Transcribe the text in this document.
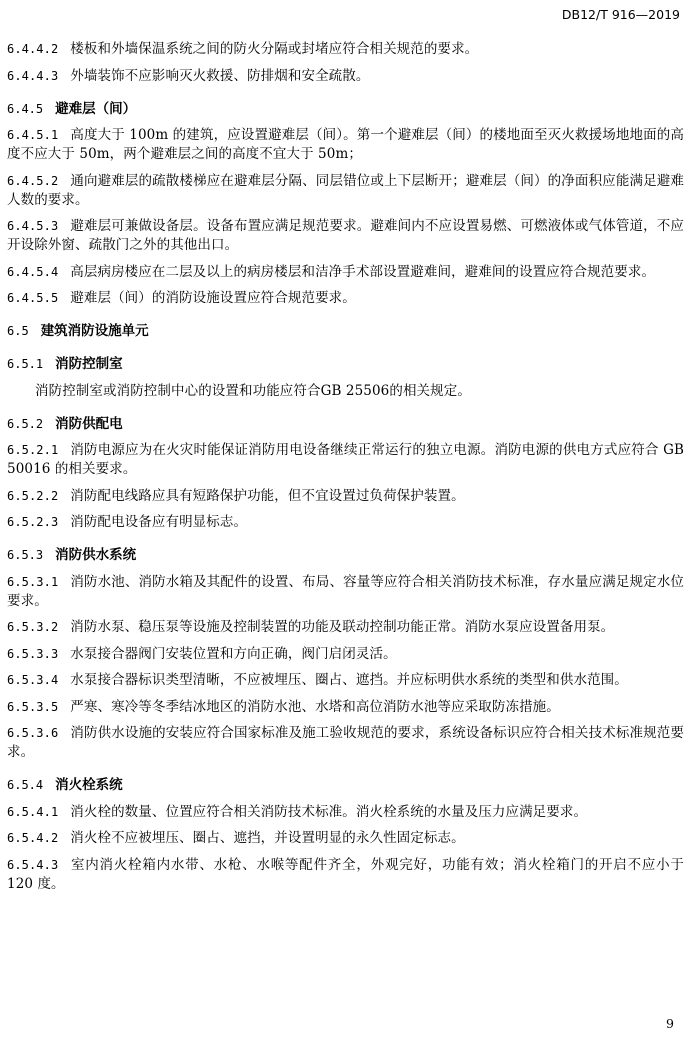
DB12/T 916—2019
6.4.4.2 楼板和外墙保温系统之间的防火分隔或封堵应符合相关规范的要求。
6.4.4.3 外墙装饰不应影响灭火救援、防排烟和安全疏散。
6.4.5 避难层（间）
6.4.5.1 高度大于 100m 的建筑，应设置避难层（间）。第一个避难层（间）的楼地面至灭火救援场地地面的高度不应大于 50m，两个避难层之间的高度不宜大于 50m；
6.4.5.2 通向避难层的疏散楼梯应在避难层分隔、同层错位或上下层断开；避难层（间）的净面积应能满足避难人数的要求。
6.4.5.3 避难层可兼做设备层。设备布置应满足规范要求。避难间内不应设置易燃、可燃液体或气体管道，不应开设除外窗、疏散门之外的其他出口。
6.4.5.4 高层病房楼应在二层及以上的病房楼层和洁净手术部设置避难间，避难间的设置应符合规范要求。
6.4.5.5 避难层（间）的消防设施设置应符合规范要求。
6.5 建筑消防设施单元
6.5.1 消防控制室
消防控制室或消防控制中心的设置和功能应符合GB 25506的相关规定。
6.5.2 消防供配电
6.5.2.1 消防电源应为在火灾时能保证消防用电设备继续正常运行的独立电源。消防电源的供电方式应符合 GB 50016 的相关要求。
6.5.2.2 消防配电线路应具有短路保护功能，但不宜设置过负荷保护装置。
6.5.2.3 消防配电设备应有明显标志。
6.5.3 消防供水系统
6.5.3.1 消防水池、消防水箱及其配件的设置、布局、容量等应符合相关消防技术标准，存水量应满足规定水位要求。
6.5.3.2 消防水泵、稳压泵等设施及控制装置的功能及联动控制功能正常。消防水泵应设置备用泵。
6.5.3.3 水泵接合器阀门安装位置和方向正确，阀门启闭灵活。
6.5.3.4 水泵接合器标识类型清晰，不应被埋压、圈占、遮挡。并应标明供水系统的类型和供水范围。
6.5.3.5 严寒、寒冷等冬季结冰地区的消防水池、水塔和高位消防水池等应采取防冻措施。
6.5.3.6 消防供水设施的安装应符合国家标准及施工验收规范的要求，系统设备标识应符合相关技术标准规范要求。
6.5.4 消火栓系统
6.5.4.1 消火栓的数量、位置应符合相关消防技术标准。消火栓系统的水量及压力应满足要求。
6.5.4.2 消火栓不应被埋压、圈占、遮挡，并设置明显的永久性固定标志。
6.5.4.3 室内消火栓箱内水带、水枪、水喉等配件齐全，外观完好，功能有效；消火栓箱门的开启不应小于 120 度。
9
